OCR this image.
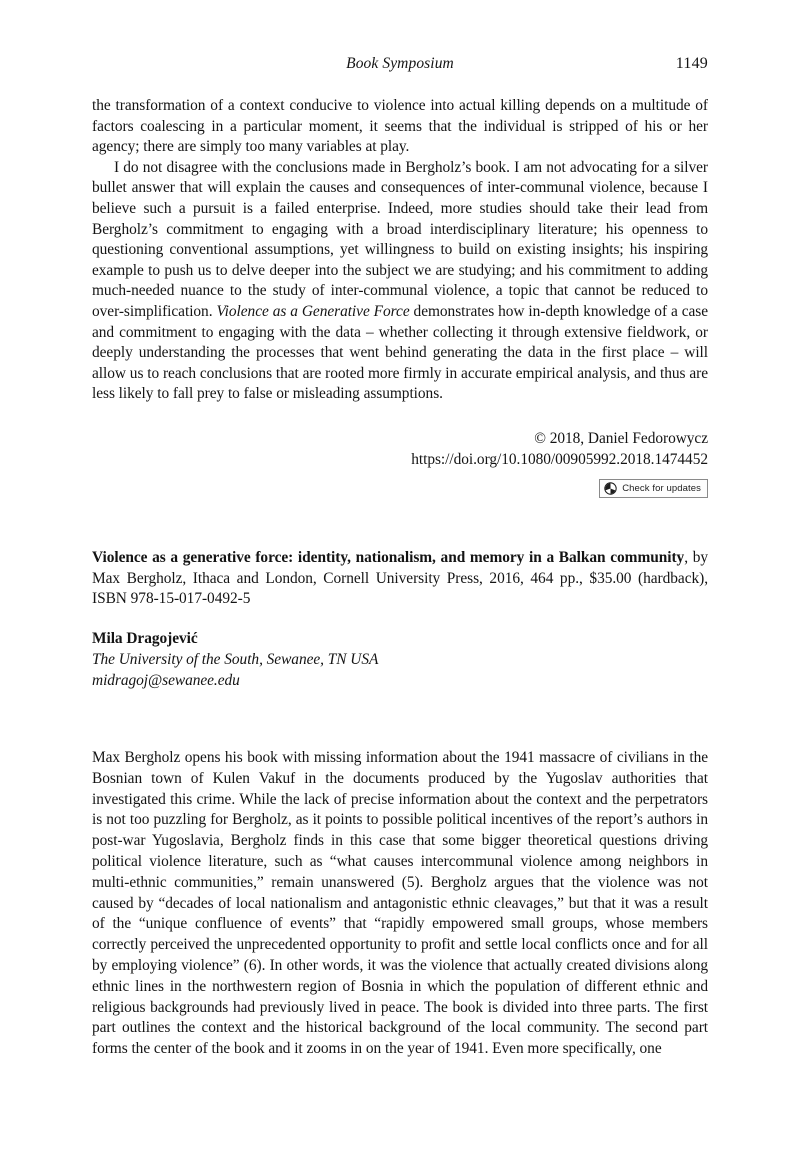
Book Symposium	1149

the transformation of a context conducive to violence into actual killing depends on a multitude of factors coalescing in a particular moment, it seems that the individual is stripped of his or her agency; there are simply too many variables at play.

I do not disagree with the conclusions made in Bergholz’s book. I am not advocating for a silver bullet answer that will explain the causes and consequences of inter-communal violence, because I believe such a pursuit is a failed enterprise. Indeed, more studies should take their lead from Bergholz’s commitment to engaging with a broad interdisciplinary literature; his openness to questioning conventional assumptions, yet willingness to build on existing insights; his inspiring example to push us to delve deeper into the subject we are studying; and his commitment to adding much-needed nuance to the study of inter-communal violence, a topic that cannot be reduced to over-simplification. Violence as a Generative Force demonstrates how in-depth knowledge of a case and commitment to engaging with the data – whether collecting it through extensive fieldwork, or deeply understanding the processes that went behind generating the data in the first place – will allow us to reach conclusions that are rooted more firmly in accurate empirical analysis, and thus are less likely to fall prey to false or misleading assumptions.

© 2018, Daniel Fedorowycz
https://doi.org/10.1080/00905992.2018.1474452
Check for updates

Violence as a generative force: identity, nationalism, and memory in a Balkan community, by Max Bergholz, Ithaca and London, Cornell University Press, 2016, 464 pp., $35.00 (hardback), ISBN 978-15-017-0492-5

Mila Dragojević
The University of the South, Sewanee, TN USA
midragoj@sewanee.edu

Max Bergholz opens his book with missing information about the 1941 massacre of civilians in the Bosnian town of Kulen Vakuf in the documents produced by the Yugoslav authorities that investigated this crime. While the lack of precise information about the context and the perpetrators is not too puzzling for Bergholz, as it points to possible political incentives of the report’s authors in post-war Yugoslavia, Bergholz finds in this case that some bigger theoretical questions driving political violence literature, such as “what causes intercommunal violence among neighbors in multi-ethnic communities,” remain unanswered (5). Bergholz argues that the violence was not caused by “decades of local nationalism and antagonistic ethnic cleavages,” but that it was a result of the “unique confluence of events” that “rapidly empowered small groups, whose members correctly perceived the unprecedented opportunity to profit and settle local conflicts once and for all by employing violence” (6). In other words, it was the violence that actually created divisions along ethnic lines in the northwestern region of Bosnia in which the population of different ethnic and religious backgrounds had previously lived in peace. The book is divided into three parts. The first part outlines the context and the historical background of the local community. The second part forms the center of the book and it zooms in on the year of 1941. Even more specifically, one
